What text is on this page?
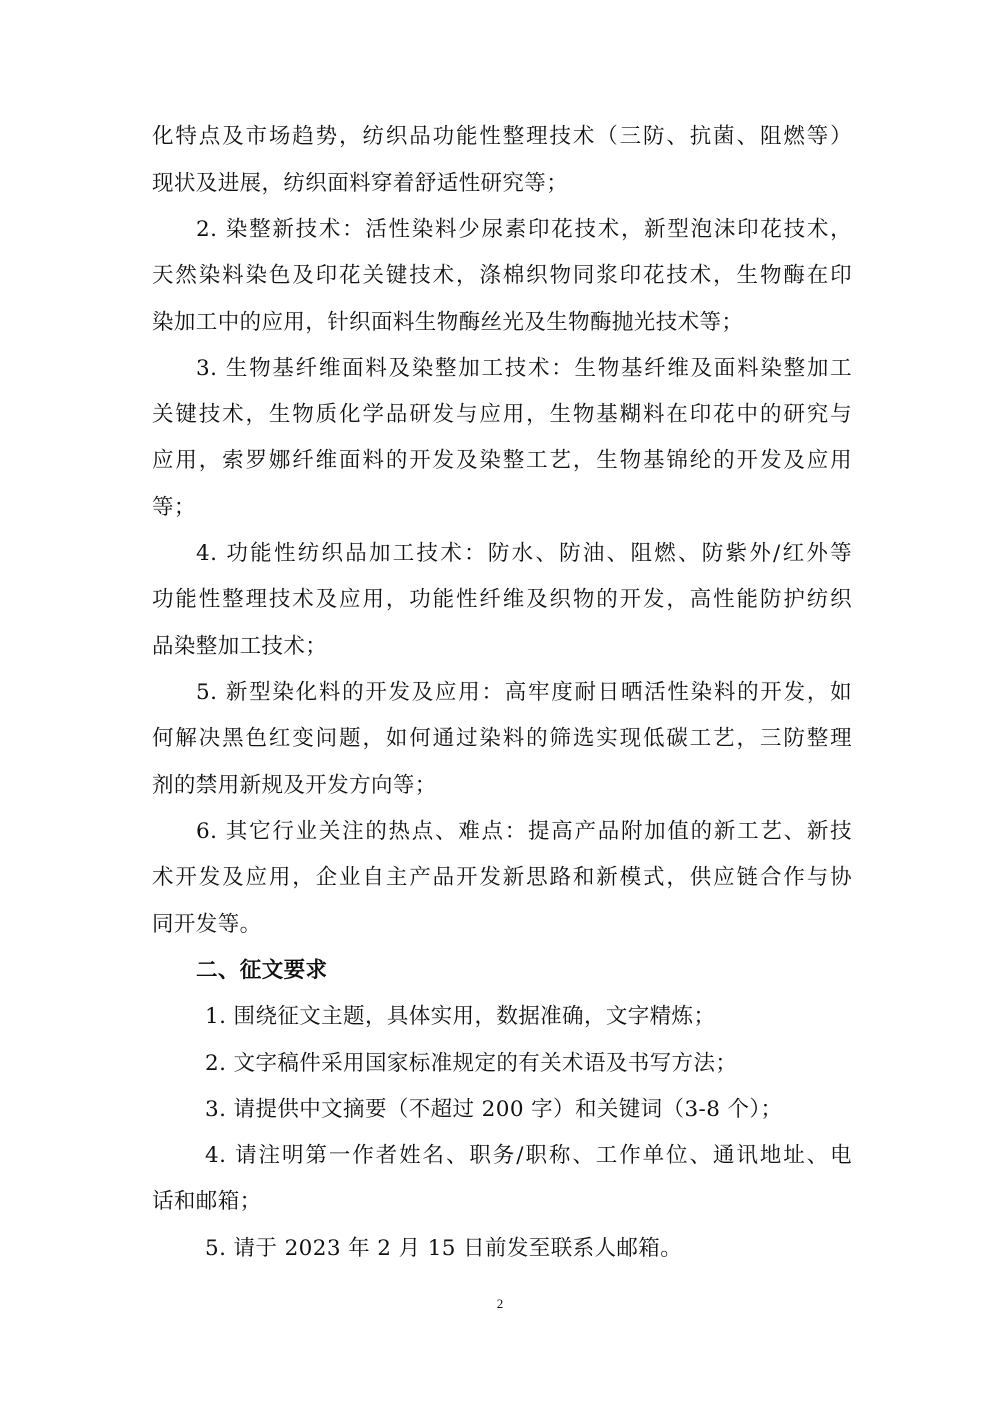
化特点及市场趋势，纺织品功能性整理技术（三防、抗菌、阻燃等）
现状及进展，纺织面料穿着舒适性研究等；
2. 染整新技术：活性染料少尿素印花技术，新型泡沫印花技术，
天然染料染色及印花关键技术，涤棉织物同浆印花技术，生物酶在印
染加工中的应用，针织面料生物酶丝光及生物酶抛光技术等；
3. 生物基纤维面料及染整加工技术：生物基纤维及面料染整加工
关键技术，生物质化学品研发与应用，生物基糊料在印花中的研究与
应用，索罗娜纤维面料的开发及染整工艺，生物基锦纶的开发及应用
等；
4. 功能性纺织品加工技术：防水、防油、阻燃、防紫外/红外等
功能性整理技术及应用，功能性纤维及织物的开发，高性能防护纺织
品染整加工技术；
5. 新型染化料的开发及应用：高牢度耐日晒活性染料的开发，如
何解决黑色红变问题，如何通过染料的筛选实现低碳工艺，三防整理
剂的禁用新规及开发方向等；
6. 其它行业关注的热点、难点：提高产品附加值的新工艺、新技
术开发及应用，企业自主产品开发新思路和新模式，供应链合作与协
同开发等。
二、征文要求
1. 围绕征文主题，具体实用，数据准确，文字精炼；
2. 文字稿件采用国家标准规定的有关术语及书写方法；
3. 请提供中文摘要（不超过 200 字）和关键词（3-8 个）；
4. 请注明第一作者姓名、职务/职称、工作单位、通讯地址、电
话和邮箱；
5. 请于 2023 年 2 月 15 日前发至联系人邮箱。
2
